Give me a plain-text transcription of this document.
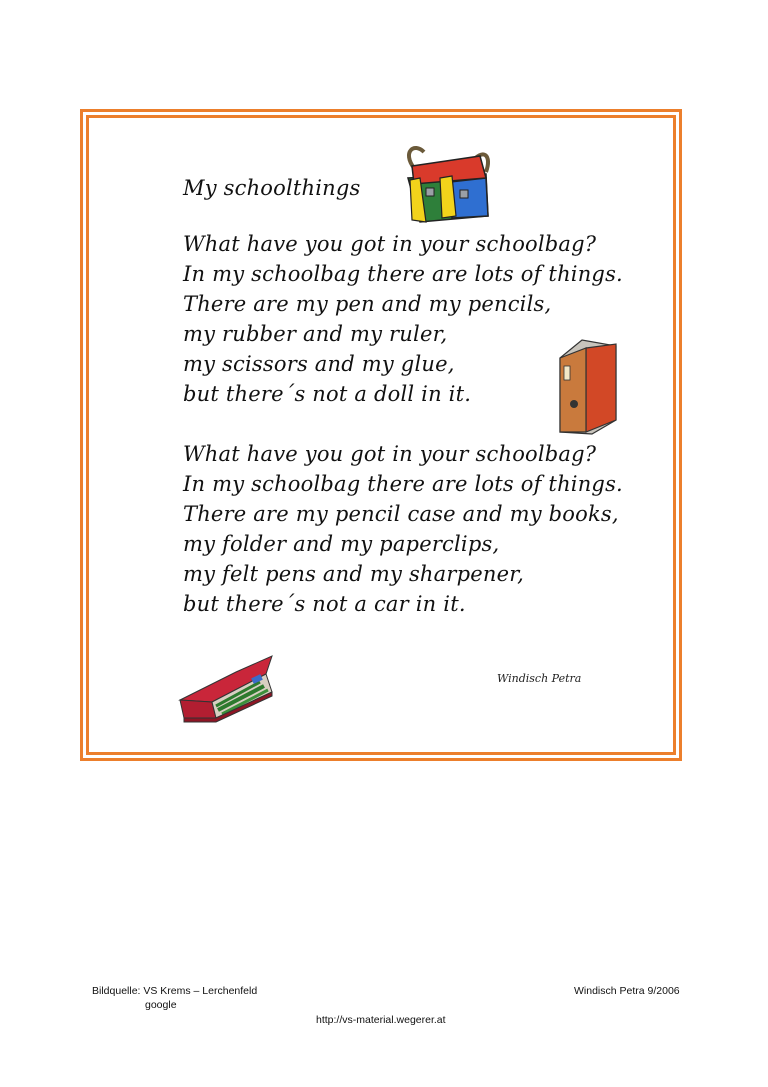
My schoolthings
What have you got in your schoolbag?
In my schoolbag there are lots of things.
There are my pen and my pencils,
my rubber and my ruler,
my scissors and my glue,
but there´s not a doll in it.
What have you got in your schoolbag?
In my schoolbag there are lots of things.
There are my pencil case and my books,
my folder and my paperclips,
my felt pens and my sharpener,
but there´s not a car in it.
Windisch Petra
Bildquelle: VS Krems – Lerchenfeld
google
Windisch Petra 9/2006
http://vs-material.wegerer.at
